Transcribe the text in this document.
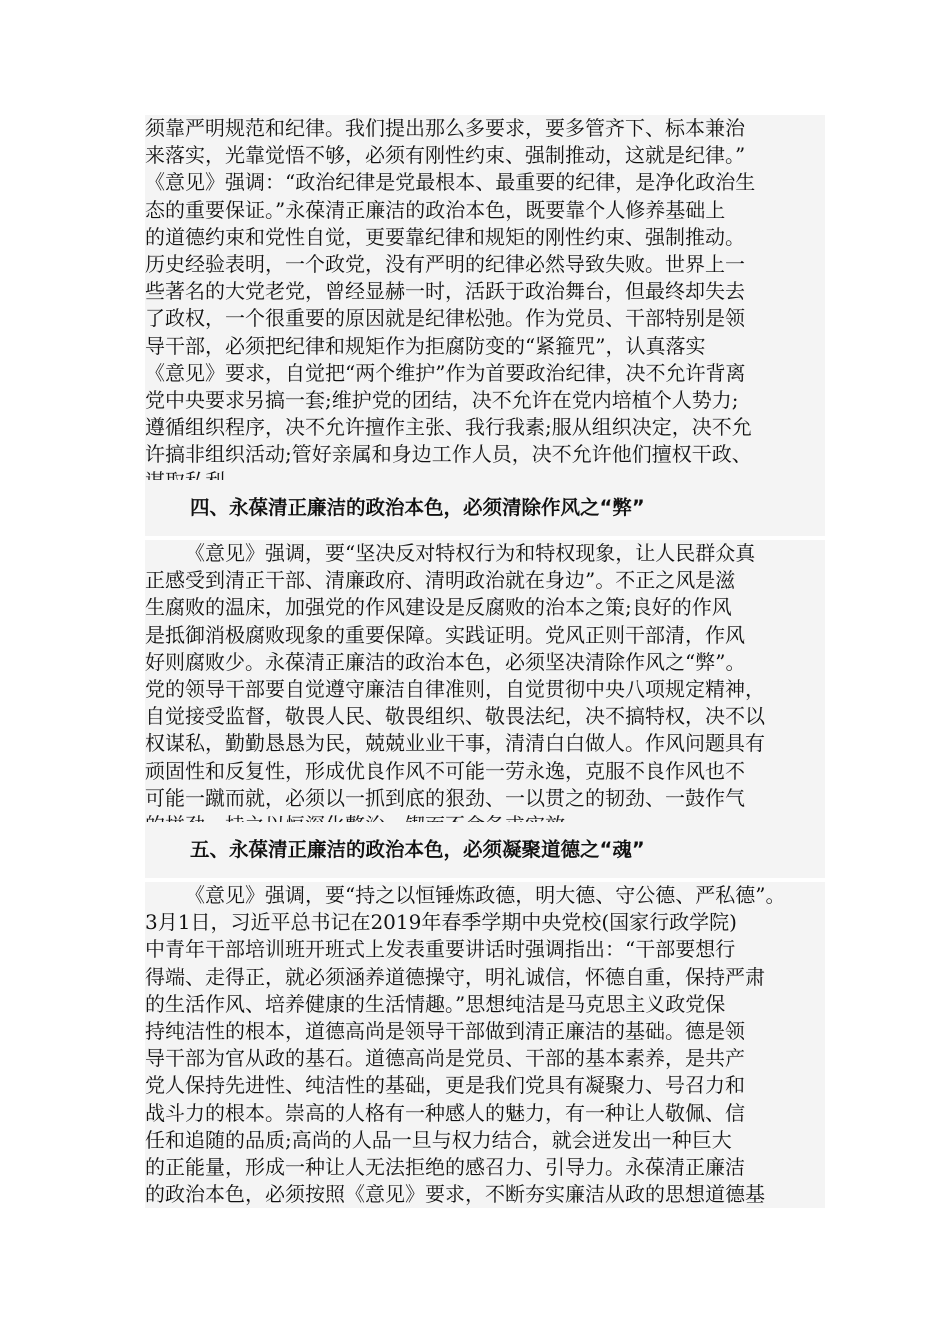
须靠严明规范和纪律。我们提出那么多要求，要多管齐下、标本兼治
来落实，光靠觉悟不够，必须有刚性约束、强制推动，这就是纪律。”
《意见》强调：“政治纪律是党最根本、最重要的纪律，是净化政治生
态的重要保证。”永葆清正廉洁的政治本色，既要靠个人修养基础上
的道德约束和党性自觉，更要靠纪律和规矩的刚性约束、强制推动。
历史经验表明，一个政党，没有严明的纪律必然导致失败。世界上一
些著名的大党老党，曾经显赫一时，活跃于政治舞台，但最终却失去
了政权，一个很重要的原因就是纪律松弛。作为党员、干部特别是领
导干部，必须把纪律和规矩作为拒腐防变的“紧箍咒”，认真落实
《意见》要求，自觉把“两个维护”作为首要政治纪律，决不允许背离
党中央要求另搞一套;维护党的团结，决不允许在党内培植个人势力;
遵循组织程序，决不允许擅作主张、我行我素;服从组织决定，决不允
许搞非组织活动;管好亲属和身边工作人员，决不允许他们擅权干政、
四、永葆清正廉洁的政治本色，必须清除作风之“弊”
《意见》强调，要“坚决反对特权行为和特权现象，让人民群众真
正感受到清正干部、清廉政府、清明政治就在身边”。不正之风是滋
生腐败的温床，加强党的作风建设是反腐败的治本之策;良好的作风
是抵御消极腐败现象的重要保障。实践证明。党风正则干部清，作风
好则腐败少。永葆清正廉洁的政治本色，必须坚决清除作风之“弊”。
党的领导干部要自觉遵守廉洁自律准则，自觉贯彻中央八项规定精神，
自觉接受监督，敬畏人民、敬畏组织、敬畏法纪，决不搞特权，决不以
权谋私，勤勤恳恳为民，兢兢业业干事，清清白白做人。作风问题具有
顽固性和反复性，形成优良作风不可能一劳永逸，克服不良作风也不
可能一蹴而就，必须以一抓到底的狠劲、一以贯之的韧劲、一鼓作气
五、永葆清正廉洁的政治本色，必须凝聚道德之“魂”
《意见》强调，要“持之以恒锤炼政德，明大德、守公德、严私德”。
3月1日，习近平总书记在2019年春季学期中央党校(国家行政学院)
中青年干部培训班开班式上发表重要讲话时强调指出：“干部要想行
得端、走得正，就必须涵养道德操守，明礼诚信，怀德自重，保持严肃
的生活作风、培养健康的生活情趣。”思想纯洁是马克思主义政党保
持纯洁性的根本，道德高尚是领导干部做到清正廉洁的基础。德是领
导干部为官从政的基石。道德高尚是党员、干部的基本素养，是共产
党人保持先进性、纯洁性的基础，更是我们党具有凝聚力、号召力和
战斗力的根本。崇高的人格有一种感人的魅力，有一种让人敬佩、信
任和追随的品质;高尚的人品一旦与权力结合，就会迸发出一种巨大
的正能量，形成一种让人无法拒绝的感召力、引导力。永葆清正廉洁
的政治本色，必须按照《意见》要求，不断夯实廉洁从政的思想道德基
